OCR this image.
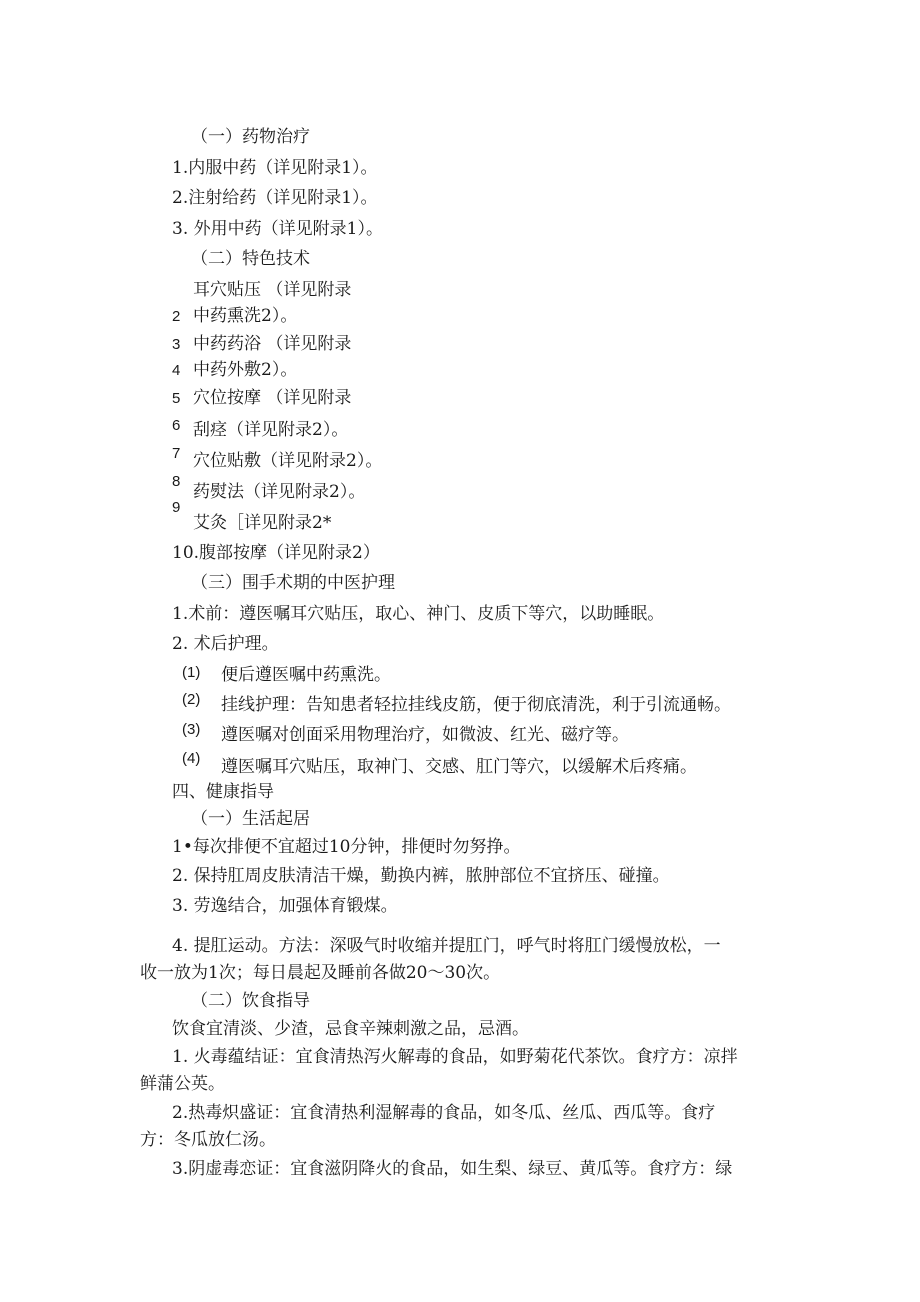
（一）药物治疗
1.内服中药（详见附录1）。
2.注射给药（详见附录1）。
3. 外用中药（详见附录1）。
（二）特色技术
耳穴贴压 （详见附录
中药熏洗2）。
中药药浴 （详见附录
中药外敷2）。
穴位按摩 （详见附录
刮痉（详见附录2）。
穴位贴敷（详见附录2）。
药熨法（详见附录2）。
艾灸［详见附录2*
10.腹部按摩（详见附录2）
（三）围手术期的中医护理
1.术前：遵医嘱耳穴贴压，取心、神门、皮质下等穴，以助睡眠。
2. 术后护理。
便后遵医嘱中药熏洗。
挂线护理：告知患者轻拉挂线皮筋，便于彻底清洗，利于引流通畅。
遵医嘱对创面采用物理治疗，如微波、红光、磁疗等。
遵医嘱耳穴贴压，取神门、交感、肛门等穴，以缓解术后疼痛。
四、健康指导
（一）生活起居
1•每次排便不宜超过10分钟，排便时勿努挣。
2. 保持肛周皮肤清洁干燥，勤换内裤，脓肿部位不宜挤压、碰撞。
3. 劳逸结合，加强体育锻煤。
4. 提肛运动。方法：深吸气时收缩并提肛门，呼气时将肛门缓慢放松，一
收一放为1次；每日晨起及睡前各做20～30次。
（二）饮食指导
饮食宜清淡、少渣，忌食辛辣刺激之品，忌酒。
1. 火毒蕴结证：宜食清热泻火解毒的食品，如野菊花代茶饮。食疗方：凉拌
鲜蒲公英。
2.热毒炽盛证：宜食清热利湿解毒的食品，如冬瓜、丝瓜、西瓜等。食疗
方：冬瓜放仁汤。
3.阴虚毒恋证：宜食滋阴降火的食品，如生梨、绿豆、黄瓜等。食疗方：绿
2
3
4
5
6
7
8
9
(1)
(2)
(3)
(4)
